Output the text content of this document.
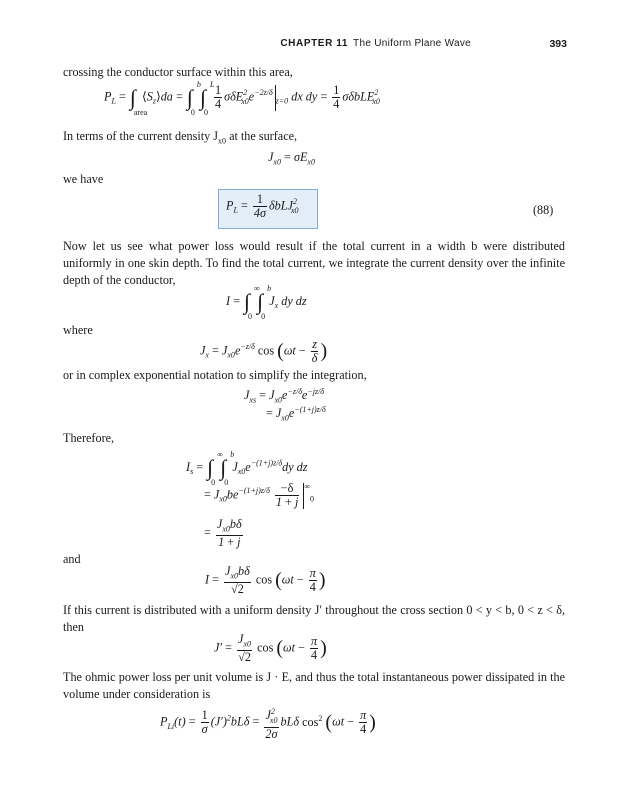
CHAPTER 11 The Uniform Plane Wave	393
crossing the conductor surface within this area,
$P_L$ = ∫
area
$⟨S_z⟩da$ = ∫
b
0
∫
L
0

$\frac{1}{4} \sigma\delta E^2_{x0}e^{-2z/\delta}_{z=0}$ dx dy = $\frac{1}{4} \sigma\delta bLE^2_{x0}$
In terms of the current density $J_{x0}$ at the surface,
$J_{x0} = \sigma E_{x0}$
we have
$P_L = \frac{1}{4\sigma} \delta bLJ^2_{x0}$	(88)
Now let us see what power loss would result if the total current in a width b were distributed uniformly in one skin depth. To find the total current, we integrate the current density over the infinite depth of the conductor,
I = ∫
∞
0
∫
b
0
$J_x$ dy dz
where
$J_x = J_{x0}e^{-z/\delta}$ $\cos (\omega t - \frac{z}{\delta}$ )
or in complex exponential notation to simplify the integration,
$J_{xs} = J_{x0}e^{-z/\delta}e^{-jz/\delta}$
= $J_{x0}e^{-(1+j)z/\delta}$
Therefore,
$I_s$ = ∫
∞
0
∫
b
0
$J_{x0}e^{-(1+j)z/\delta}dy$ dz
= $J_{x0}be^{-(1+j)z/\delta} \frac{-\delta}{1 + j} ^\infty_0$
= $\frac{J_{x0}b\delta}{1 + j}$
and
$I = \frac{J_{x0}b\delta}{√2}$ $\cos (\omega t - \frac{\pi}{4}$ )
If this current is distributed with a uniform density J′ throughout the cross section 0 < y < b, 0 < z < δ, then
$J' = \frac{J_{x0}}{√2}$ $\cos (\omega t - \frac{\pi}{4}$ )
The ohmic power loss per unit volume is J · E, and thus the total instantaneous power dissipated in the volume under consideration is
$P_{Li}(t) = \frac{1}{\sigma} (J')^2bL\delta = \frac{J^2_{x0}}{2\sigma}$ bLδ $\cos^2 (\omega t - \frac{\pi}{4}$ )
